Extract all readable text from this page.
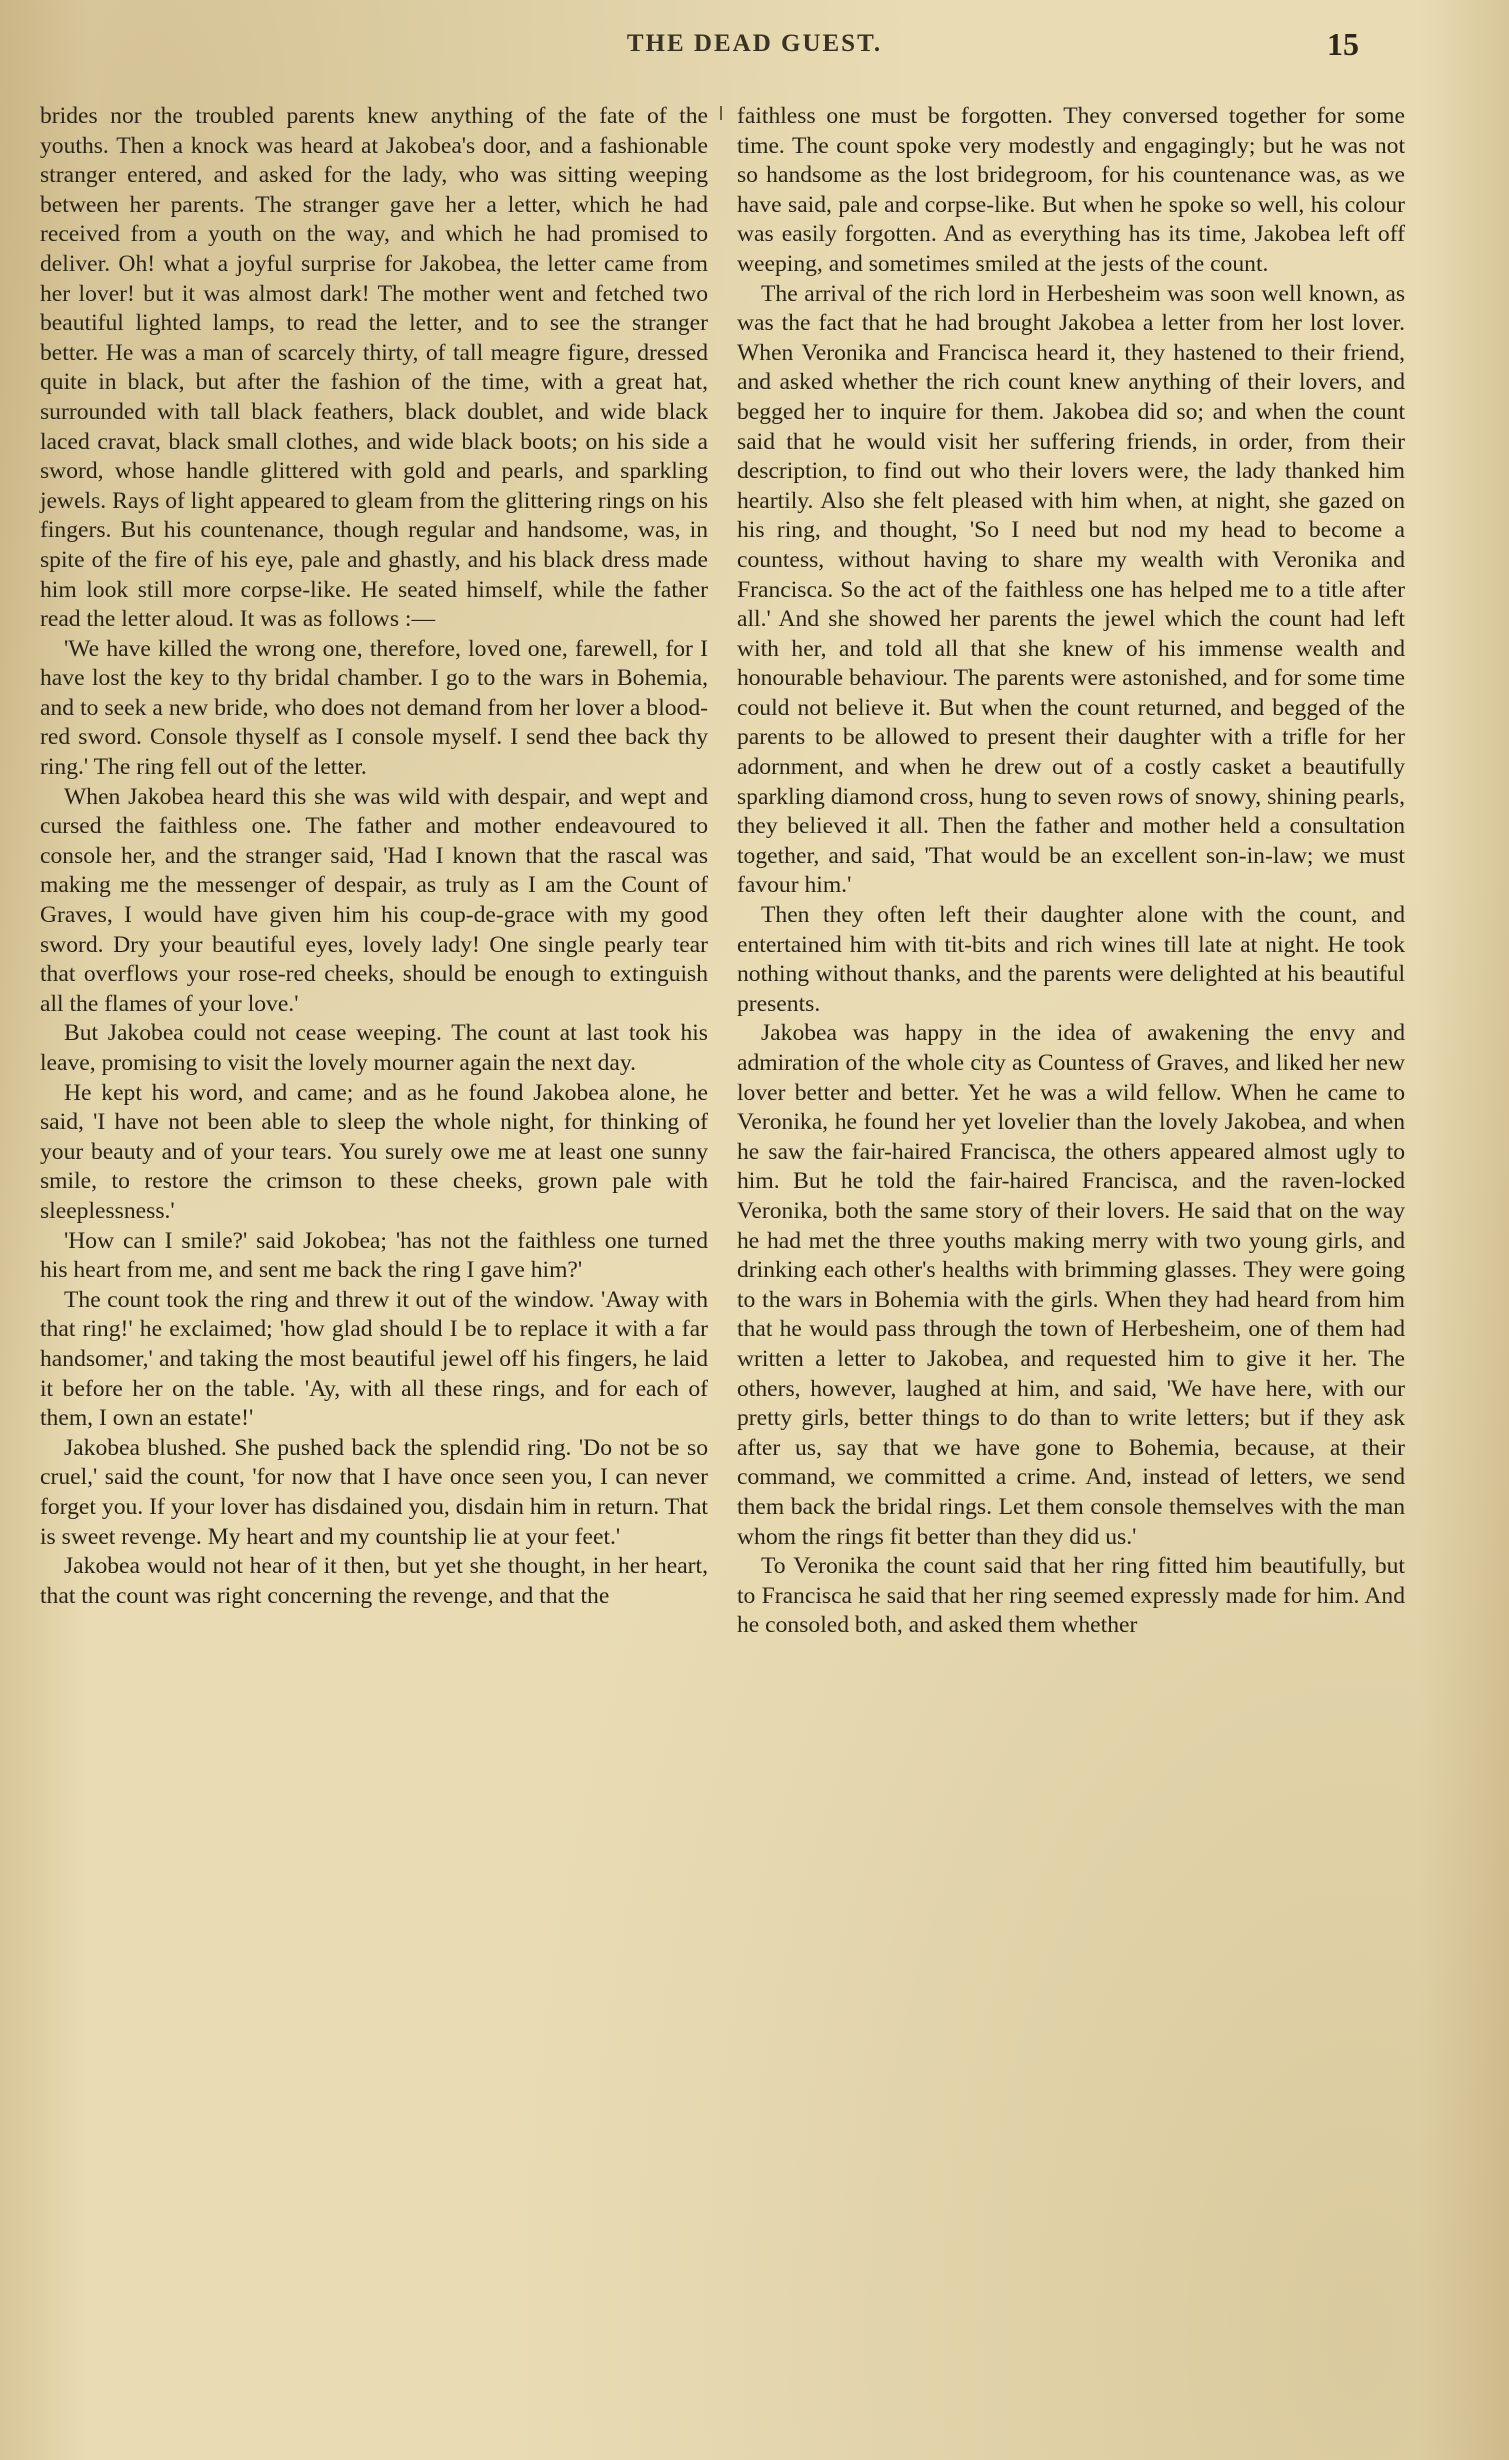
THE DEAD GUEST.	15

brides nor the troubled parents knew anything of the fate of the youths. Then a knock was heard at Jakobea's door, and a fashionable stranger entered, and asked for the lady, who was sitting weeping between her parents. The stranger gave her a letter, which he had received from a youth on the way, and which he had promised to deliver. Oh! what a joyful surprise for Jakobea, the letter came from her lover! but it was almost dark! The mother went and fetched two beautiful lighted lamps, to read the letter, and to see the stranger better. He was a man of scarcely thirty, of tall meagre figure, dressed quite in black, but after the fashion of the time, with a great hat, surrounded with tall black feathers, black doublet, and wide black laced cravat, black small clothes, and wide black boots; on his side a sword, whose handle glittered with gold and pearls, and sparkling jewels. Rays of light appeared to gleam from the glittering rings on his fingers. But his countenance, though regular and handsome, was, in spite of the fire of his eye, pale and ghastly, and his black dress made him look still more corpse-like. He seated himself, while the father read the letter aloud. It was as follows :—

'We have killed the wrong one, therefore, loved one, farewell, for I have lost the key to thy bridal chamber. I go to the wars in Bohemia, and to seek a new bride, who does not demand from her lover a blood-red sword. Console thyself as I console myself. I send thee back thy ring.' The ring fell out of the letter.

When Jakobea heard this she was wild with despair, and wept and cursed the faithless one. The father and mother endeavoured to console her, and the stranger said, 'Had I known that the rascal was making me the messenger of despair, as truly as I am the Count of Graves, I would have given him his coup-de-grace with my good sword. Dry your beautiful eyes, lovely lady! One single pearly tear that overflows your rose-red cheeks, should be enough to extinguish all the flames of your love.'

But Jakobea could not cease weeping. The count at last took his leave, promising to visit the lovely mourner again the next day.

He kept his word, and came; and as he found Jakobea alone, he said, 'I have not been able to sleep the whole night, for thinking of your beauty and of your tears. You surely owe me at least one sunny smile, to restore the crimson to these cheeks, grown pale with sleeplessness.'

'How can I smile?' said Jokobea; 'has not the faithless one turned his heart from me, and sent me back the ring I gave him?'

The count took the ring and threw it out of the window. 'Away with that ring!' he exclaimed; 'how glad should I be to replace it with a far handsomer,' and taking the most beautiful jewel off his fingers, he laid it before her on the table. 'Ay, with all these rings, and for each of them, I own an estate!'

Jakobea blushed. She pushed back the splendid ring. 'Do not be so cruel,' said the count, 'for now that I have once seen you, I can never forget you. If your lover has disdained you, disdain him in return. That is sweet revenge. My heart and my countship lie at your feet.'

Jakobea would not hear of it then, but yet she thought, in her heart, that the count was right concerning the revenge, and that the

faithless one must be forgotten. They conversed together for some time. The count spoke very modestly and engagingly; but he was not so handsome as the lost bridegroom, for his countenance was, as we have said, pale and corpse-like. But when he spoke so well, his colour was easily forgotten. And as everything has its time, Jakobea left off weeping, and sometimes smiled at the jests of the count.

The arrival of the rich lord in Herbesheim was soon well known, as was the fact that he had brought Jakobea a letter from her lost lover. When Veronika and Francisca heard it, they hastened to their friend, and asked whether the rich count knew anything of their lovers, and begged her to inquire for them. Jakobea did so; and when the count said that he would visit her suffering friends, in order, from their description, to find out who their lovers were, the lady thanked him heartily. Also she felt pleased with him when, at night, she gazed on his ring, and thought, 'So I need but nod my head to become a countess, without having to share my wealth with Veronika and Francisca. So the act of the faithless one has helped me to a title after all.' And she showed her parents the jewel which the count had left with her, and told all that she knew of his immense wealth and honourable behaviour. The parents were astonished, and for some time could not believe it. But when the count returned, and begged of the parents to be allowed to present their daughter with a trifle for her adornment, and when he drew out of a costly casket a beautifully sparkling diamond cross, hung to seven rows of snowy, shining pearls, they believed it all. Then the father and mother held a consultation together, and said, 'That would be an excellent son-in-law; we must favour him.'

Then they often left their daughter alone with the count, and entertained him with tit-bits and rich wines till late at night. He took nothing without thanks, and the parents were delighted at his beautiful presents.

Jakobea was happy in the idea of awakening the envy and admiration of the whole city as Countess of Graves, and liked her new lover better and better. Yet he was a wild fellow. When he came to Veronika, he found her yet lovelier than the lovely Jakobea, and when he saw the fair-haired Francisca, the others appeared almost ugly to him. But he told the fair-haired Francisca, and the raven-locked Veronika, both the same story of their lovers. He said that on the way he had met the three youths making merry with two young girls, and drinking each other's healths with brimming glasses. They were going to the wars in Bohemia with the girls. When they had heard from him that he would pass through the town of Herbesheim, one of them had written a letter to Jakobea, and requested him to give it her. The others, however, laughed at him, and said, 'We have here, with our pretty girls, better things to do than to write letters; but if they ask after us, say that we have gone to Bohemia, because, at their command, we committed a crime. And, instead of letters, we send them back the bridal rings. Let them console themselves with the man whom the rings fit better than they did us.'

To Veronika the count said that her ring fitted him beautifully, but to Francisca he said that her ring seemed expressly made for him. And he consoled both, and asked them whether
